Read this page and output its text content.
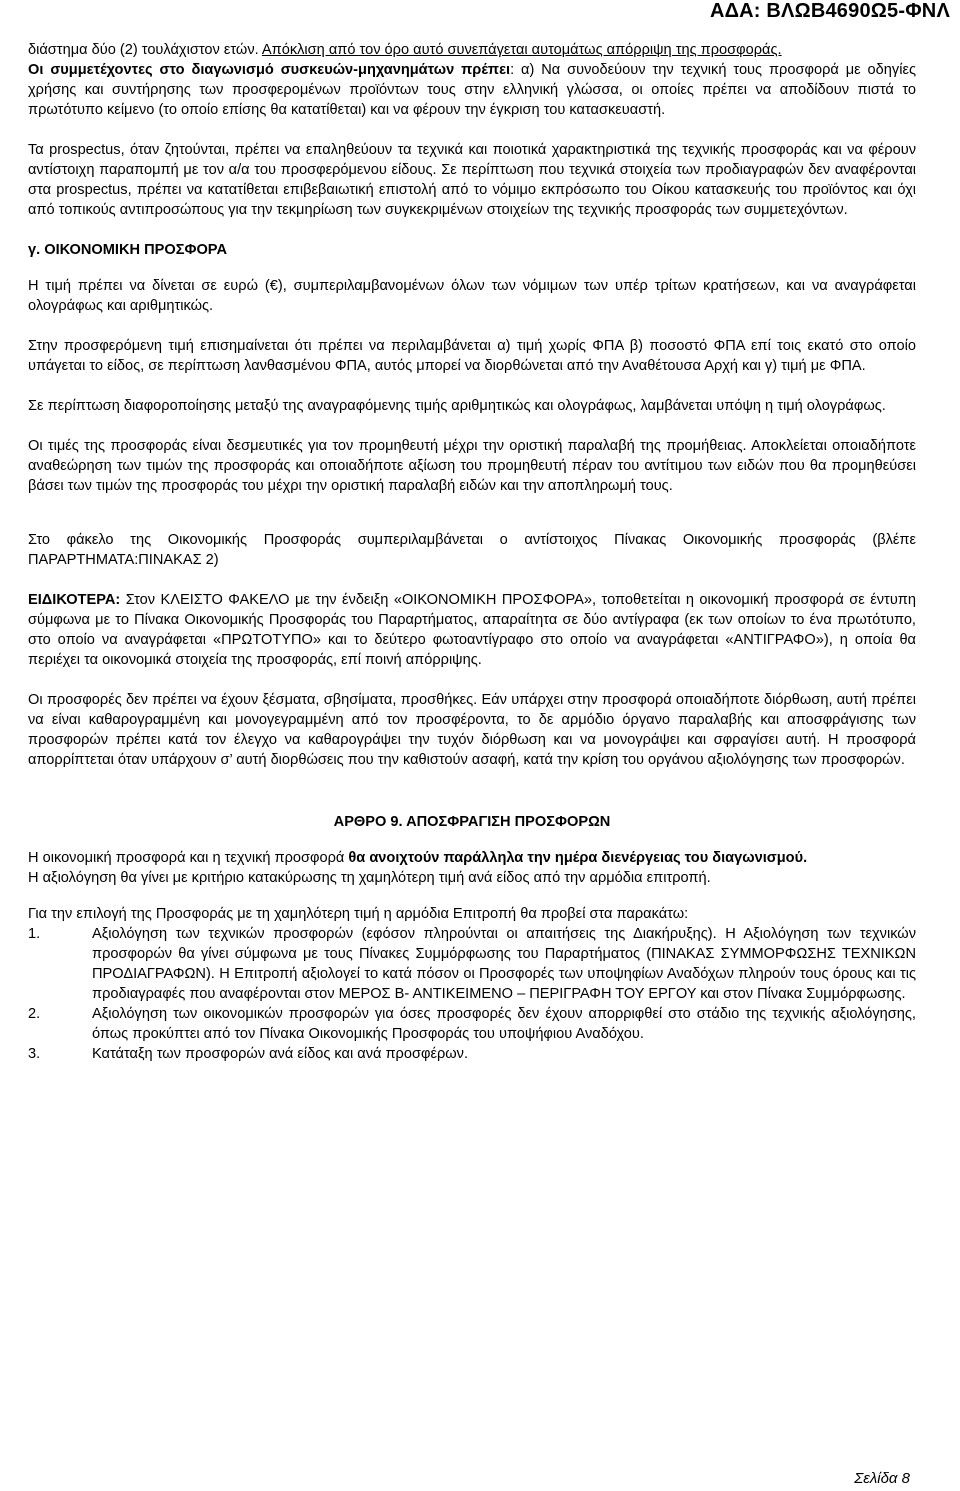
ΑΔΑ: ΒΛΩΒ4690Ω5-ΦΝΛ

διάστημα δύο (2) τουλάχιστον ετών. Απόκλιση από τον όρο αυτό συνεπάγεται αυτομάτως απόρριψη της προσφοράς.

Οι συμμετέχοντες στο διαγωνισμό συσκευών-μηχανημάτων πρέπει: α) Να συνοδεύουν την τεχνική τους προσφορά με οδηγίες χρήσης και συντήρησης των προσφερομένων προϊόντων τους στην ελληνική γλώσσα, οι οποίες πρέπει να αποδίδουν πιστά το πρωτότυπο κείμενο (το οποίο επίσης θα κατατίθεται) και να φέρουν την έγκριση του κατασκευαστή.

Τα prospectus, όταν ζητούνται, πρέπει να επαληθεύουν τα τεχνικά και ποιοτικά χαρακτηριστικά της τεχνικής προσφοράς και να φέρουν αντίστοιχη παραπομπή με τον α/α του προσφερόμενου είδους. Σε περίπτωση που τεχνικά στοιχεία των προδιαγραφών δεν αναφέρονται στα prospectus, πρέπει να κατατίθεται επιβεβαιωτική επιστολή από το νόμιμο εκπρόσωπο του Οίκου κατασκευής του προϊόντος και όχι από τοπικούς αντιπροσώπους για την τεκμηρίωση των συγκεκριμένων στοιχείων της τεχνικής προσφοράς των συμμετεχόντων.

γ. ΟΙΚΟΝΟΜΙΚΗ ΠΡΟΣΦΟΡΑ

Η τιμή πρέπει να δίνεται σε ευρώ (€), συμπεριλαμβανομένων όλων των νόμιμων των υπέρ τρίτων κρατήσεων, και να αναγράφεται ολογράφως και αριθμητικώς.

Στην προσφερόμενη τιμή επισημαίνεται ότι πρέπει να περιλαμβάνεται α) τιμή χωρίς ΦΠΑ β) ποσοστό ΦΠΑ επί τοις εκατό στο οποίο υπάγεται το είδος, σε περίπτωση λανθασμένου ΦΠΑ, αυτός μπορεί να διορθώνεται από την Αναθέτουσα Αρχή και γ) τιμή με ΦΠΑ.

Σε περίπτωση διαφοροποίησης μεταξύ της αναγραφόμενης τιμής αριθμητικώς και ολογράφως, λαμβάνεται υπόψη η τιμή ολογράφως.

Οι τιμές της προσφοράς είναι δεσμευτικές για τον προμηθευτή μέχρι την οριστική παραλαβή της προμήθειας. Αποκλείεται οποιαδήποτε αναθεώρηση των τιμών της προσφοράς και οποιαδήποτε αξίωση του προμηθευτή πέραν του αντίτιμου των ειδών που θα προμηθεύσει βάσει των τιμών της προσφοράς του μέχρι την οριστική παραλαβή ειδών και την αποπληρωμή τους.

Στο φάκελο της Οικονομικής Προσφοράς συμπεριλαμβάνεται ο αντίστοιχος Πίνακας Οικονομικής προσφοράς (βλέπε ΠΑΡΑΡΤΗΜΑΤΑ:ΠΙΝΑΚΑΣ 2)

ΕΙΔΙΚΟΤΕΡΑ: Στον ΚΛΕΙΣΤΟ ΦΑΚΕΛΟ με την ένδειξη «ΟΙΚΟΝΟΜΙΚΗ ΠΡΟΣΦΟΡΑ», τοποθετείται η οικονομική προσφορά σε έντυπη σύμφωνα με το Πίνακα Οικονομικής Προσφοράς του Παραρτήματος, απαραίτητα σε δύο αντίγραφα (εκ των οποίων το ένα πρωτότυπο, στο οποίο να αναγράφεται «ΠΡΩΤΟΤΥΠΟ» και το δεύτερο φωτοαντίγραφο στο οποίο να αναγράφεται «ΑΝΤΙΓΡΑΦΟ»), η οποία θα περιέχει τα οικονομικά στοιχεία της προσφοράς, επί ποινή απόρριψης.

Οι προσφορές δεν πρέπει να έχουν ξέσματα, σβησίματα, προσθήκες. Εάν υπάρχει στην προσφορά οποιαδήποτε διόρθωση, αυτή πρέπει να είναι καθαρογραμμένη και μονογεγραμμένη από τον προσφέροντα, το δε αρμόδιο όργανο παραλαβής και αποσφράγισης των προσφορών πρέπει κατά τον έλεγχο να καθαρογράψει την τυχόν διόρθωση και να μονογράψει και σφραγίσει αυτή. Η προσφορά απορρίπτεται όταν υπάρχουν σ’ αυτή διορθώσεις που την καθιστούν ασαφή, κατά την κρίση του οργάνου αξιολόγησης των προσφορών.

ΑΡΘΡΟ 9. ΑΠΟΣΦΡΑΓΙΣΗ ΠΡΟΣΦΟΡΩΝ

Η οικονομική προσφορά και η τεχνική προσφορά θα ανοιχτούν παράλληλα την ημέρα διενέργειας του διαγωνισμού.

Η αξιολόγηση θα γίνει με κριτήριο κατακύρωσης τη χαμηλότερη τιμή ανά είδος από την αρμόδια επιτροπή.

Για την επιλογή της Προσφοράς με τη χαμηλότερη τιμή η αρμόδια Επιτροπή θα προβεί στα παρακάτω:

1.	Αξιολόγηση των τεχνικών προσφορών (εφόσον πληρούνται οι απαιτήσεις της Διακήρυξης). Η Αξιολόγηση των τεχνικών προσφορών θα γίνει σύμφωνα με τους Πίνακες Συμμόρφωσης του Παραρτήματος (ΠΙΝΑΚΑΣ ΣΥΜΜΟΡΦΩΣΗΣ ΤΕΧΝΙΚΩΝ ΠΡΟΔΙΑΓΡΑΦΩΝ). Η Επιτροπή αξιολογεί το κατά πόσον οι Προσφορές των υποψηφίων Αναδόχων πληρούν τους όρους και τις προδιαγραφές που αναφέρονται στον ΜΕΡΟΣ Β- ΑΝΤΙΚΕΙΜΕΝΟ – ΠΕΡΙΓΡΑΦΗ ΤΟΥ ΕΡΓΟΥ και στον Πίνακα Συμμόρφωσης.
2.	Αξιολόγηση των οικονομικών προσφορών για όσες προσφορές δεν έχουν απορριφθεί στο στάδιο της τεχνικής αξιολόγησης, όπως προκύπτει από τον Πίνακα Οικονομικής Προσφοράς του υποψήφιου Αναδόχου.
3.	Κατάταξη των προσφορών ανά είδος και ανά προσφέρων.
Σελίδα 8
